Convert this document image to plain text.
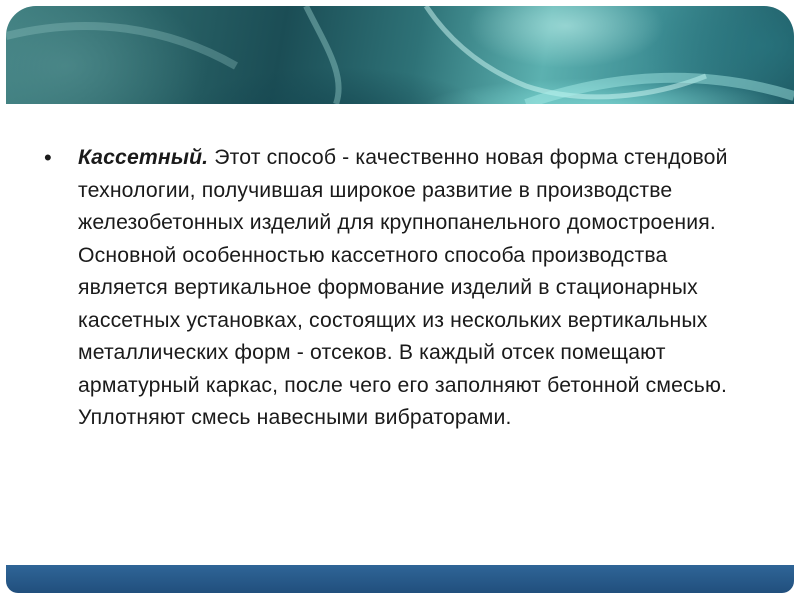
•	Кассетный. Этот способ - качественно новая форма стендовой технологии, получившая широкое развитие в производстве железобетонных изделий для крупнопанельного домостроения. Основной особенностью кассетного способа производства является вертикальное формование изделий в стационарных кассетных установках, состоящих из нескольких вертикальных металлических форм - отсеков. В каждый отсек помещают арматурный каркас, после чего его заполняют бетонной смесью. Уплотняют смесь навесными вибраторами.
